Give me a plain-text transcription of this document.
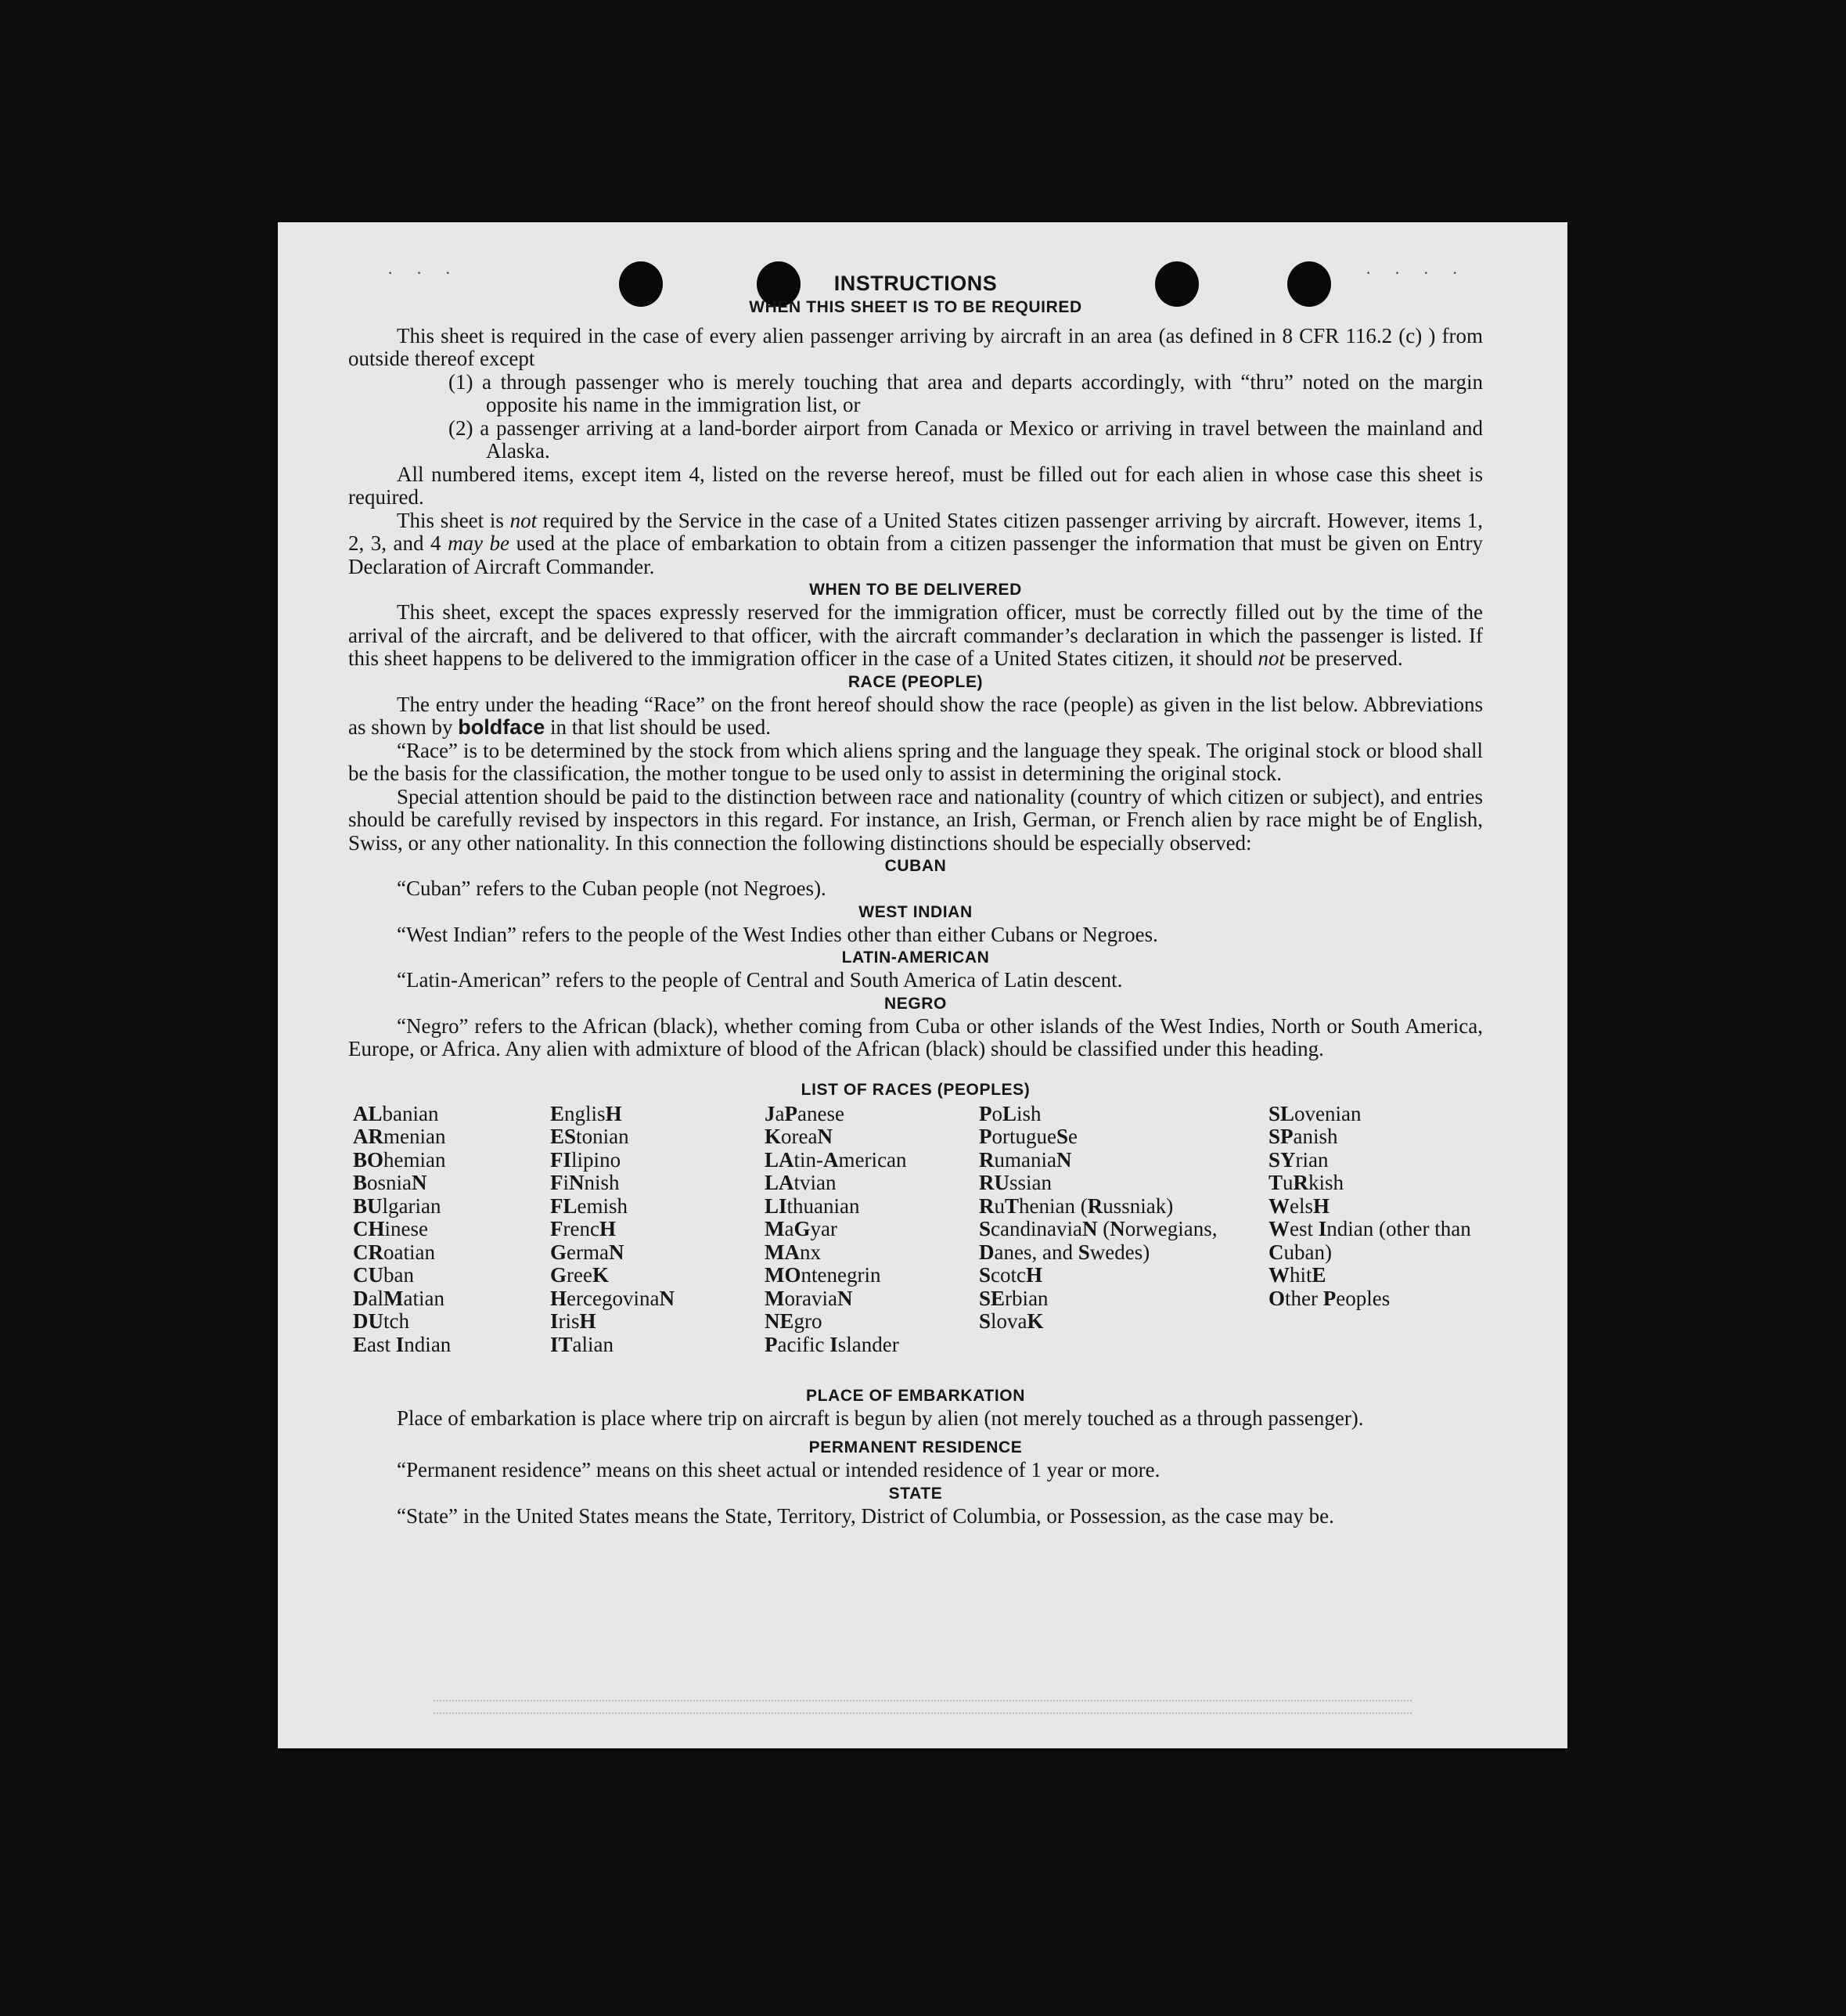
· · ·	· · · ·

INSTRUCTIONS

WHEN THIS SHEET IS TO BE REQUIRED

This sheet is required in the case of every alien passenger arriving by aircraft in an area (as defined in 8 CFR 116.2 (c) ) from outside thereof except

(1) a through passenger who is merely touching that area and departs accordingly, with “thru” noted on the margin opposite his name in the immigration list, or

(2) a passenger arriving at a land-border airport from Canada or Mexico or arriving in travel between the mainland and Alaska.

All numbered items, except item 4, listed on the reverse hereof, must be filled out for each alien in whose case this sheet is required.

This sheet is not required by the Service in the case of a United States citizen passenger arriving by aircraft. However, items 1, 2, 3, and 4 may be used at the place of embarkation to obtain from a citizen passenger the information that must be given on Entry Declaration of Aircraft Commander.

WHEN TO BE DELIVERED

This sheet, except the spaces expressly reserved for the immigration officer, must be correctly filled out by the time of the arrival of the aircraft, and be delivered to that officer, with the aircraft commander’s declaration in which the passenger is listed. If this sheet happens to be delivered to the immigration officer in the case of a United States citizen, it should not be preserved.

RACE (PEOPLE)

The entry under the heading “Race” on the front hereof should show the race (people) as given in the list below. Abbreviations as shown by boldface in that list should be used.

“Race” is to be determined by the stock from which aliens spring and the language they speak. The original stock or blood shall be the basis for the classification, the mother tongue to be used only to assist in determining the original stock.

Special attention should be paid to the distinction between race and nationality (country of which citizen or subject), and entries should be carefully revised by inspectors in this regard. For instance, an Irish, German, or French alien by race might be of English, Swiss, or any other nationality. In this connection the following distinctions should be especially observed:

CUBAN

“Cuban” refers to the Cuban people (not Negroes).

WEST INDIAN

“West Indian” refers to the people of the West Indies other than either Cubans or Negroes.

LATIN-AMERICAN

“Latin-American” refers to the people of Central and South America of Latin descent.

NEGRO

“Negro” refers to the African (black), whether coming from Cuba or other islands of the West Indies, North or South America, Europe, or Africa. Any alien with admixture of blood of the African (black) should be classified under this heading.

LIST OF RACES (PEOPLES)

ALbanian
ARmenian
BOhemian
BosniaN
BUlgarian
CHinese
CRoatian
CUban
DalMatian
DUtch
East Indian
EnglisH
EStonian
FIlipino
FiNnish
FLemish
FrencH
GermaN
GreeK
HercegovinaN
IrisH
ITalian
JaPanese
KoreaN
LAtin-American
LAtvian
LIthuanian
MaGyar
MAnx
MOntenegrin
MoraviaN
NEgro
Pacific Islander
PoLish
PortugueSe
RumaniaN
RUssian
RuThenian (Russniak)
ScandinaviaN (Norwegians, Danes, and Swedes)
ScotcH
SErbian
SlovaK
SLovenian
SPanish
SYrian
TuRkish
WelsH
West Indian (other than Cuban)
WhitE
Other Peoples

PLACE OF EMBARKATION

Place of embarkation is place where trip on aircraft is begun by alien (not merely touched as a through passenger).

PERMANENT RESIDENCE

“Permanent residence” means on this sheet actual or intended residence of 1 year or more.

STATE

“State” in the United States means the State, Territory, District of Columbia, or Possession, as the case may be.
